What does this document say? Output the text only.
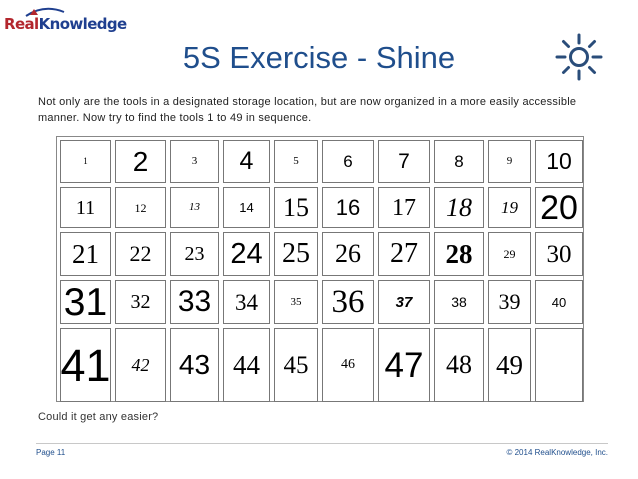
RealKnowledge
5S Exercise - Shine
Not only are the tools in a designated storage location, but are now organized in a more easily accessible manner. Now try to find the tools 1 to 49 in sequence.
1	2	3	4	5	6	7	8	9	10
11	12	13	14	15	16	17	18	19 20
21	22	23 24 25 26	27	28	29	30
31	32 33	34	35 36	37	38	39	40
41	42	43 44 45	46 47 48 49
Could it get any easier?
Page 11	© 2014 RealKnowledge, Inc.
